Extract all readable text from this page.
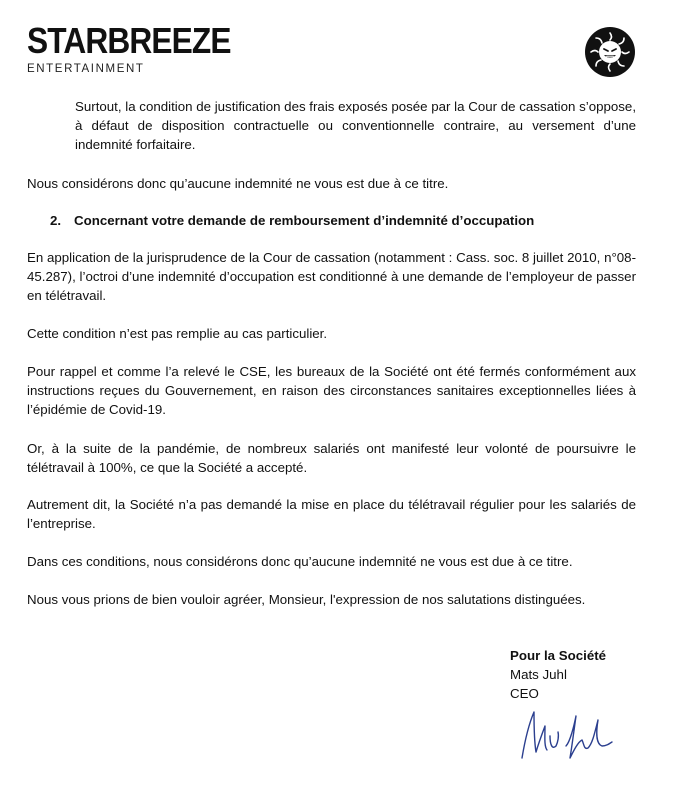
STARBREEZE
ENTERTAINMENT

Surtout, la condition de justification des frais exposés posée par la Cour de cassation s’oppose, à défaut de disposition contractuelle ou conventionnelle contraire, au versement d’une indemnité forfaitaire.

Nous considérons donc qu’aucune indemnité ne vous est due à ce titre.

2. Concernant votre demande de remboursement d’indemnité d’occupation

En application de la jurisprudence de la Cour de cassation (notamment : Cass. soc. 8 juillet 2010, n°08-45.287), l’octroi d’une indemnité d’occupation est conditionné à une demande de l’employeur de passer en télétravail.

Cette condition n’est pas remplie au cas particulier.

Pour rappel et comme l’a relevé le CSE, les bureaux de la Société ont été fermés conformément aux instructions reçues du Gouvernement, en raison des circonstances sanitaires exceptionnelles liées à l’épidémie de Covid-19.

Or, à la suite de la pandémie, de nombreux salariés ont manifesté leur volonté de poursuivre le télétravail à 100%, ce que la Société a accepté.

Autrement dit, la Société n’a pas demandé la mise en place du télétravail régulier pour les salariés de l’entreprise.

Dans ces conditions, nous considérons donc qu’aucune indemnité ne vous est due à ce titre.

Nous vous prions de bien vouloir agréer, Monsieur, l'expression de nos salutations distinguées.

Pour la Société
Mats Juhl
CEO
